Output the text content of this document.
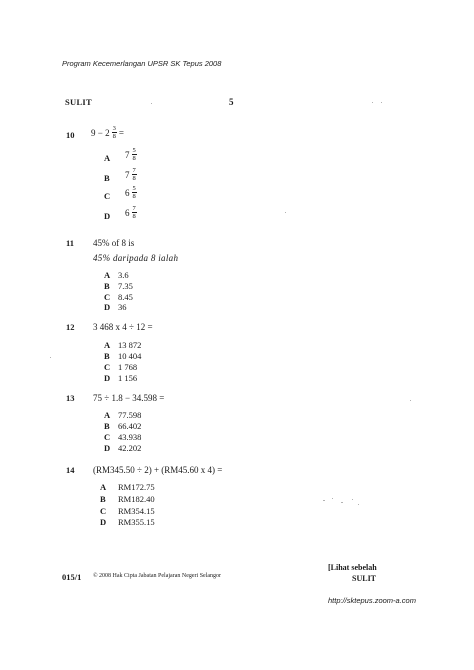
Program Kecemerlangan UPSR SK Tepus 2008
SULIT	5
10 $9 - 2 \frac{3}{8}$ =
A $7 \frac{5}{8}$
B $7 \frac{7}{8}$
C $6 \frac{5}{8}$
D $6 \frac{7}{8}$
11 45% of 8 is
45% daripada 8 ialah
A 3.6
B 7.35
C 8.45
D 36
12 3 468 x 4 ÷ 12 =
A 13 872
B 10 404
C 1 768
D 1 156
13 75 ÷ 1.8 − 34.598 =
A 77.598
B 66.402
C 43.938
D 42.202
14 (RM345.50 ÷ 2) + (RM45.60 x 4) =
A RM172.75
B RM182.40
C RM354.15
D RM355.15
015/1 © 2008 Hak Cipta Jabatan Pelajaran Negeri Selangor
[Lihat sebelah
SULIT
http://sktepus.zoom-a.com
